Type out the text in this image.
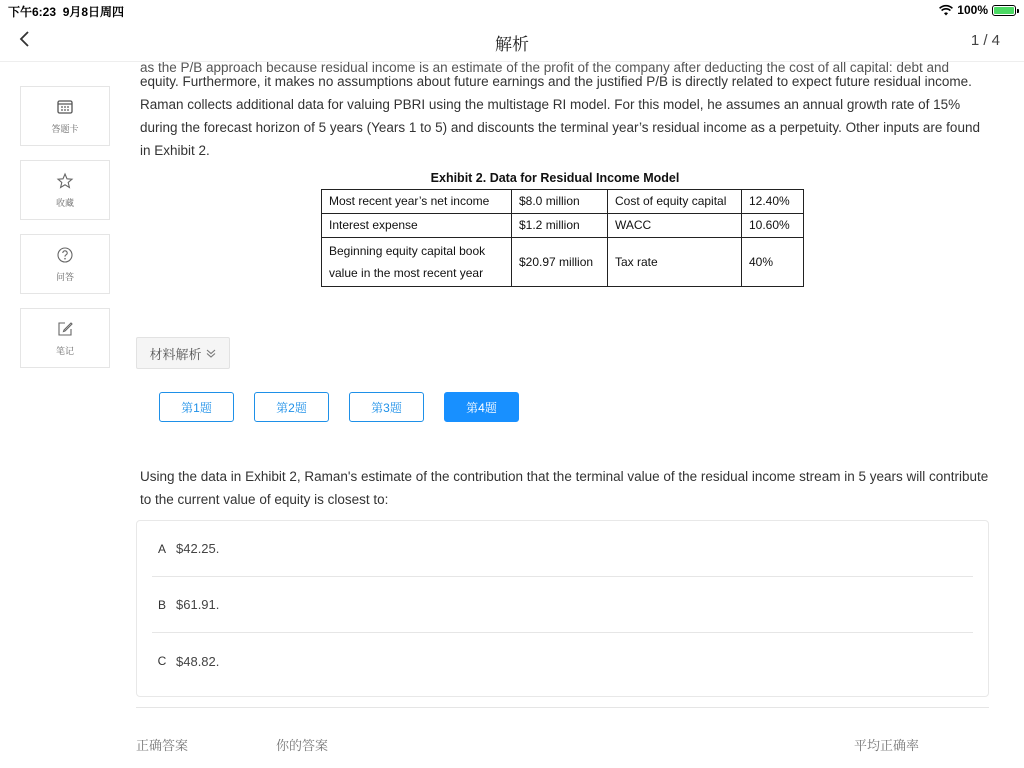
下午6:23 9月8日周四	100%
解析	1 / 4
答题卡
收藏
问答
笔记
as the P/B approach because residual income is an estimate of the profit of the company after deducting the cost of all capital: debt and

equity. Furthermore, it makes no assumptions about future earnings and the justified P/B is directly related to expect future residual income.

Raman collects additional data for valuing PBRI using the multistage RI model. For this model, he assumes an annual growth rate of 15% during the forecast horizon of 5 years (Years 1 to 5) and discounts the terminal year’s residual income as a perpetuity. Other inputs are found in Exhibit 2.

Exhibit 2. Data for Residual Income Model
Most recent year’s net income	$8.0 million	Cost of equity capital	12.40%
Interest expense	$1.2 million	WACC	10.60%
Beginning equity capital book value in the most recent year	$20.97 million	Tax rate	40%
材料解析
第1题	第2题	第3题	第4题

Using the data in Exhibit 2, Raman's estimate of the contribution that the terminal value of the residual income stream in 5 years will contribute to the current value of equity is closest to:

A $42.25.
B $61.91.
C $48.82.
正确答案	你的答案	平均正确率
